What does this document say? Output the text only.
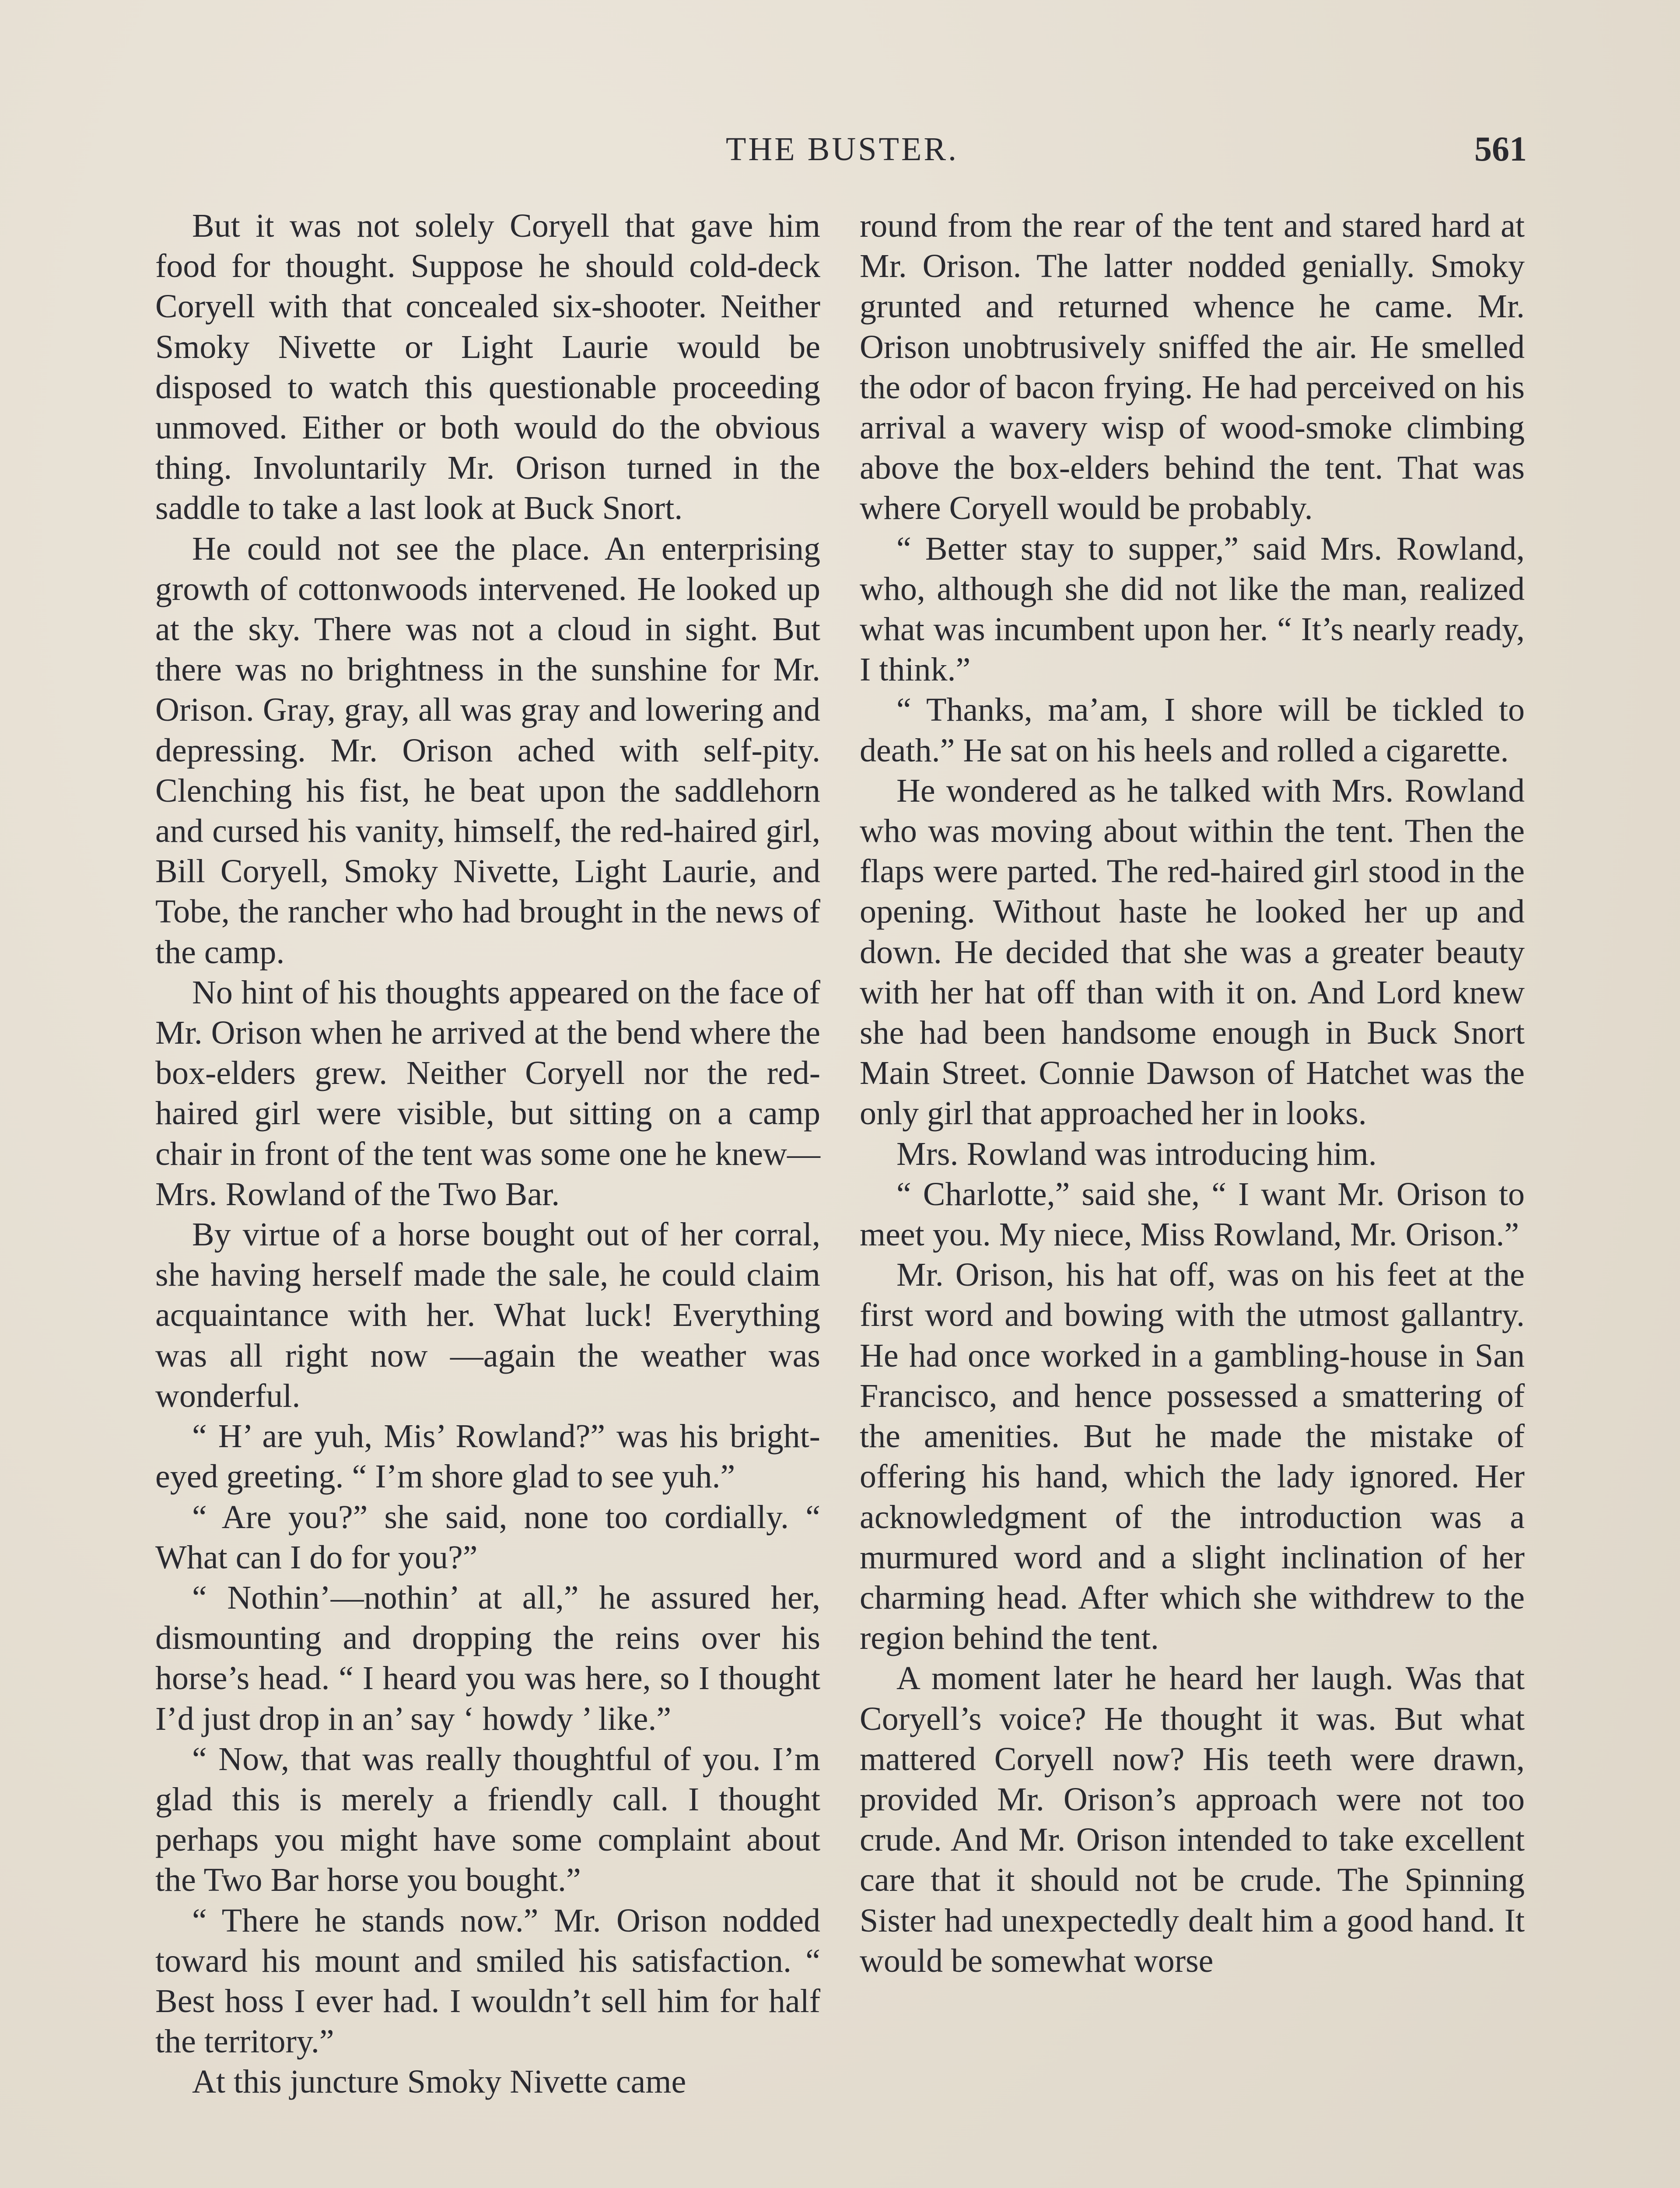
THE BUSTER.	561

But it was not solely Coryell that gave him food for thought. Suppose he should cold-deck Coryell with that concealed six-shooter. Neither Smoky Nivette or Light Laurie would be disposed to watch this questionable proceeding unmoved. Either or both would do the obvious thing. Involuntarily Mr. Orison turned in the saddle to take a last look at Buck Snort.

He could not see the place. An enterprising growth of cottonwoods intervened. He looked up at the sky. There was not a cloud in sight. But there was no brightness in the sunshine for Mr. Orison. Gray, gray, all was gray and lowering and depressing. Mr. Orison ached with self-pity. Clenching his fist, he beat upon the saddlehorn and cursed his vanity, himself, the red-haired girl, Bill Coryell, Smoky Nivette, Light Laurie, and Tobe, the rancher who had brought in the news of the camp.

No hint of his thoughts appeared on the face of Mr. Orison when he arrived at the bend where the box-elders grew. Neither Coryell nor the red-haired girl were visible, but sitting on a camp chair in front of the tent was some one he knew—Mrs. Rowland of the Two Bar.

By virtue of a horse bought out of her corral, she having herself made the sale, he could claim acquaintance with her. What luck! Everything was all right now —again the weather was wonderful.

“ H’ are yuh, Mis’ Rowland?” was his bright-eyed greeting. “ I’m shore glad to see yuh.”

“ Are you?” she said, none too cordially. “ What can I do for you?”

“ Nothin’—nothin’ at all,” he assured her, dismounting and dropping the reins over his horse’s head. “ I heard you was here, so I thought I’d just drop in an’ say ‘ howdy ’ like.”

“ Now, that was really thoughtful of you. I’m glad this is merely a friendly call. I thought perhaps you might have some complaint about the Two Bar horse you bought.”

“ There he stands now.” Mr. Orison nodded toward his mount and smiled his satisfaction. “ Best hoss I ever had. I wouldn’t sell him for half the territory.”

At this juncture Smoky Nivette came

round from the rear of the tent and stared hard at Mr. Orison. The latter nodded genially. Smoky grunted and returned whence he came. Mr. Orison unobtrusively sniffed the air. He smelled the odor of bacon frying. He had perceived on his arrival a wavery wisp of wood-smoke climbing above the box-elders behind the tent. That was where Coryell would be probably.

“ Better stay to supper,” said Mrs. Rowland, who, although she did not like the man, realized what was incumbent upon her. “ It’s nearly ready, I think.”

“ Thanks, ma’am, I shore will be tickled to death.” He sat on his heels and rolled a cigarette.

He wondered as he talked with Mrs. Rowland who was moving about within the tent. Then the flaps were parted. The red-haired girl stood in the opening. Without haste he looked her up and down. He decided that she was a greater beauty with her hat off than with it on. And Lord knew she had been handsome enough in Buck Snort Main Street. Connie Dawson of Hatchet was the only girl that approached her in looks.

Mrs. Rowland was introducing him.

“ Charlotte,” said she, “ I want Mr. Orison to meet you. My niece, Miss Rowland, Mr. Orison.”

Mr. Orison, his hat off, was on his feet at the first word and bowing with the utmost gallantry. He had once worked in a gambling-house in San Francisco, and hence possessed a smattering of the amenities. But he made the mistake of offering his hand, which the lady ignored. Her acknowledgment of the introduction was a murmured word and a slight inclination of her charming head. After which she withdrew to the region behind the tent.

A moment later he heard her laugh. Was that Coryell’s voice? He thought it was. But what mattered Coryell now? His teeth were drawn, provided Mr. Orison’s approach were not too crude. And Mr. Orison intended to take excellent care that it should not be crude. The Spinning Sister had unexpectedly dealt him a good hand. It would be somewhat worse
